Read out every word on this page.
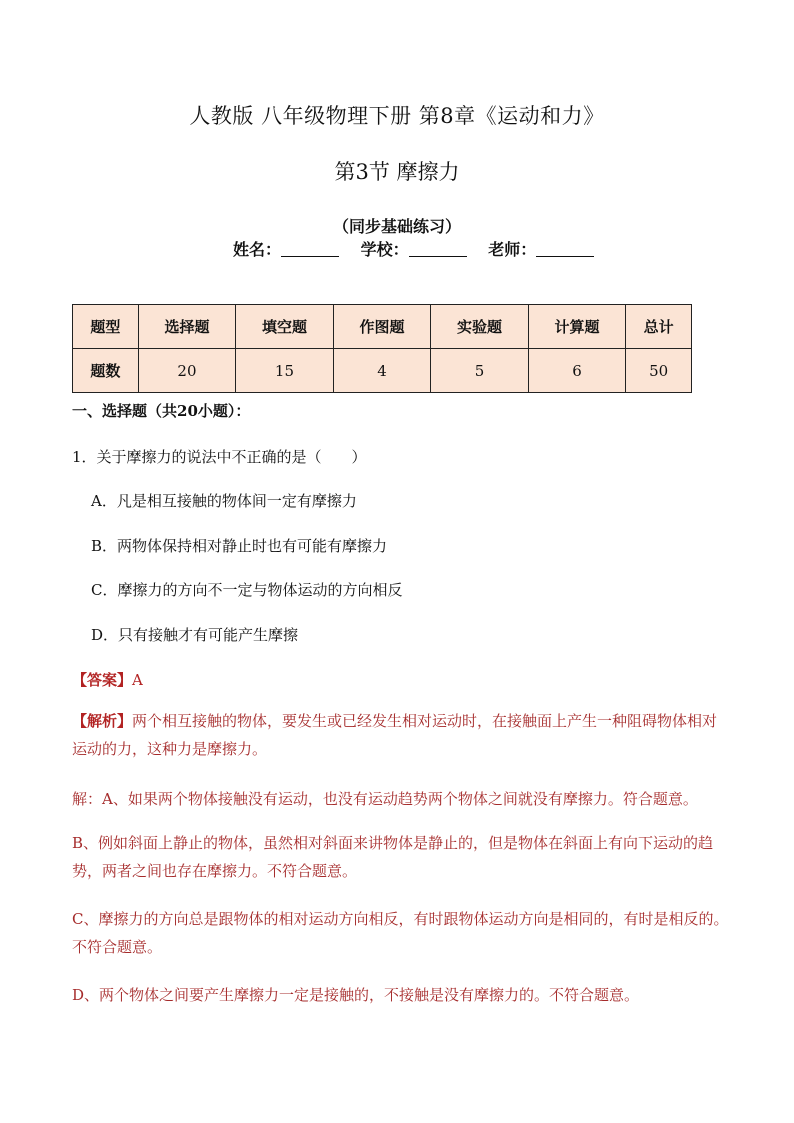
人教版 八年级物理下册 第8章《运动和力》
第3节 摩擦力
（同步基础练习）
姓名：	学校：	老师：
题型	选择题	填空题	作图题	实验题	计算题	总计
题数	20	15	4	5	6	50
一、选择题（共20小题）：
1．关于摩擦力的说法中不正确的是（　　）
A．凡是相互接触的物体间一定有摩擦力
B．两物体保持相对静止时也有可能有摩擦力
C．摩擦力的方向不一定与物体运动的方向相反
D．只有接触才有可能产生摩擦
【答案】A
【解析】两个相互接触的物体，要发生或已经发生相对运动时，在接触面上产生一种阻碍物体相对运动的力，这种力是摩擦力。
解：A、如果两个物体接触没有运动，也没有运动趋势两个物体之间就没有摩擦力。符合题意。
B、例如斜面上静止的物体，虽然相对斜面来讲物体是静止的，但是物体在斜面上有向下运动的趋势，两者之间也存在摩擦力。不符合题意。
C、摩擦力的方向总是跟物体的相对运动方向相反，有时跟物体运动方向是相同的，有时是相反的。不符合题意。
D、两个物体之间要产生摩擦力一定是接触的，不接触是没有摩擦力的。不符合题意。
